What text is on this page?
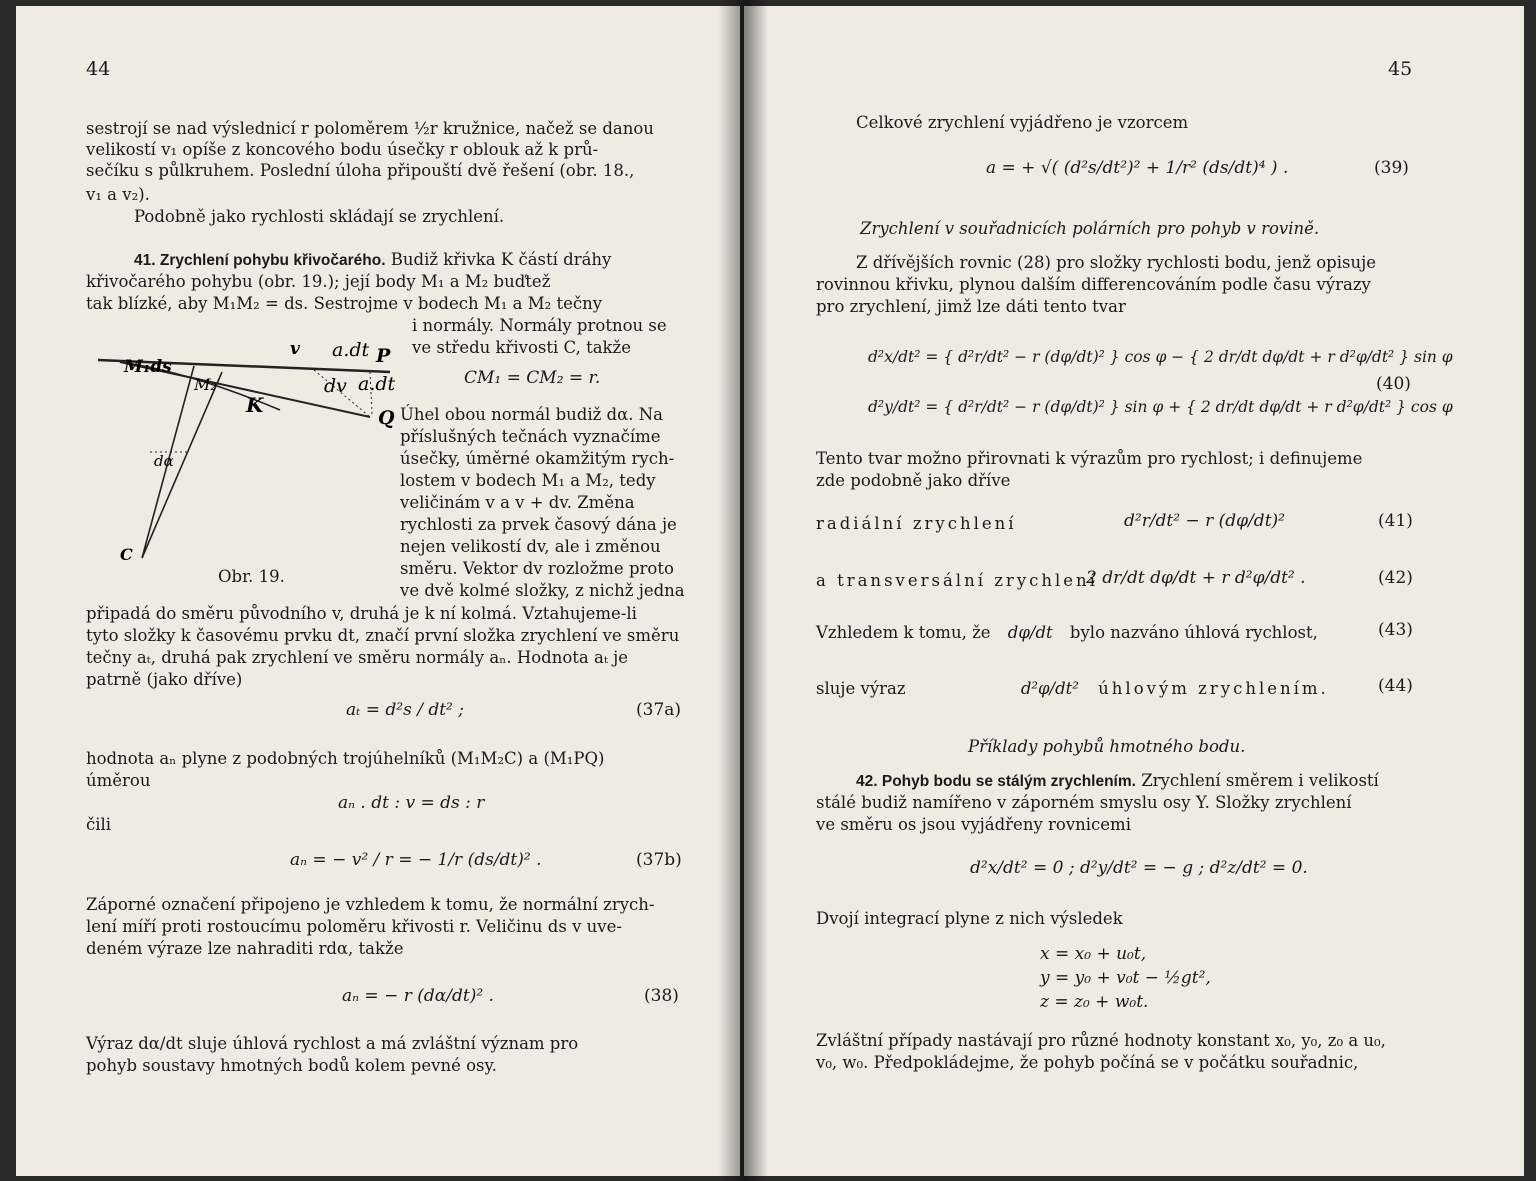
44
sestrojí se nad výslednicí r poloměrem ½r kružnice, načež se danou
velikostí v₁ opíše z koncového bodu úsečky r oblouk až k prů-
sečíku s půlkruhem. Poslední úloha připouští dvě řešení (obr. 18.,
v₁ a v₂).
Podobně jako rychlosti skládají se zrychlení.
41. Zrychlení pohybu křivočarého. Budiž křivka K částí dráhy
křivočarého pohybu (obr. 19.); její body M₁ a M₂ buďtež
tak blízké, aby M₁M₂ = ds. Sestrojme v bodech M₁ a M₂ tečny
i normály. Normály protnou se
ve středu křivosti C, takže
CM₁ = CM₂ = r.
Úhel obou normál budiž dα. Na
příslušných tečnách vyznačíme
úsečky, úměrné okamžitým rych-
lostem v bodech M₁ a M₂, tedy
veličinám v a v + dv. Změna
rychlosti za prvek časový dána je
nejen velikostí dv, ale i změnou
směru. Vektor dv rozložme proto
ve dvě kolmé složky, z nichž jedna
M₁ds
M₂
K
v a.dt P
dv a.dt
Q
dα
C
Obr. 19.
připadá do směru původního v, druhá je k ní kolmá. Vztahujeme-li
tyto složky k časovému prvku dt, značí první složka zrychlení ve směru
tečny aₜ, druhá pak zrychlení ve směru normály aₙ. Hodnota aₜ je
patrně (jako dříve)
aₜ = d²s / dt² ;	(37a)
hodnota aₙ plyne z podobných trojúhelníků (M₁M₂C) a (M₁PQ)
úměrou
aₙ . dt : v = ds : r
čili
aₙ = − v² / r = − 1/r (ds/dt)² .	(37b)
Záporné označení připojeno je vzhledem k tomu, že normální zrych-
lení míří proti rostoucímu poloměru křivosti r. Veličinu ds v uve-
deném výraze lze nahraditi rdα, takže
aₙ = − r (dα/dt)² .	(38)
Výraz dα/dt sluje úhlová rychlost a má zvláštní význam pro
pohyb soustavy hmotných bodů kolem pevné osy.
45
Celkové zrychlení vyjádřeno je vzorcem
a = + √( (d²s/dt²)² + 1/r² (ds/dt)⁴ ) .	(39)
Zrychlení v souřadnicích polárních pro pohyb v rovině.
Z dřívějších rovnic (28) pro složky rychlosti bodu, jenž opisuje
rovinnou křivku, plynou dalším differencováním podle času výrazy
pro zrychlení, jimž lze dáti tento tvar
d²x/dt² = { d²r/dt² − r (dφ/dt)² } cos φ − { 2 dr/dt dφ/dt + r d²φ/dt² } sin φ
d²y/dt² = { d²r/dt² − r (dφ/dt)² } sin φ + { 2 dr/dt dφ/dt + r d²φ/dt² } cos φ
(40)
Tento tvar možno přirovnati k výrazům pro rychlost; i definujeme
zde podobně jako dříve
radiální zrychlení	d²r/dt² − r (dφ/dt)²	(41)
a transversální zrychlení
2 dr/dt dφ/dt + r d²φ/dt² .	(42)
Vzhledem k tomu, že dφ/dt bylo nazváno úhlová rychlost,	(43)
sluje výraz	d²φ/dt² úhlovým zrychlením.	(44)
Příklady pohybů hmotného bodu.
42. Pohyb bodu se stálým zrychlením. Zrychlení směrem i velikostí
stálé budiž namířeno v záporném smyslu osy Y. Složky zrychlení
ve směru os jsou vyjádřeny rovnicemi
d²x/dt² = 0 ; d²y/dt² = − g ; d²z/dt² = 0.
Dvojí integrací plyne z nich výsledek
x = x₀ + u₀t,
y = y₀ + v₀t − ½gt²,
z = z₀ + w₀t.
Zvláštní případy nastávají pro různé hodnoty konstant x₀, y₀, z₀ a u₀,
v₀, w₀. Předpokládejme, že pohyb počíná se v počátku souřadnic,
